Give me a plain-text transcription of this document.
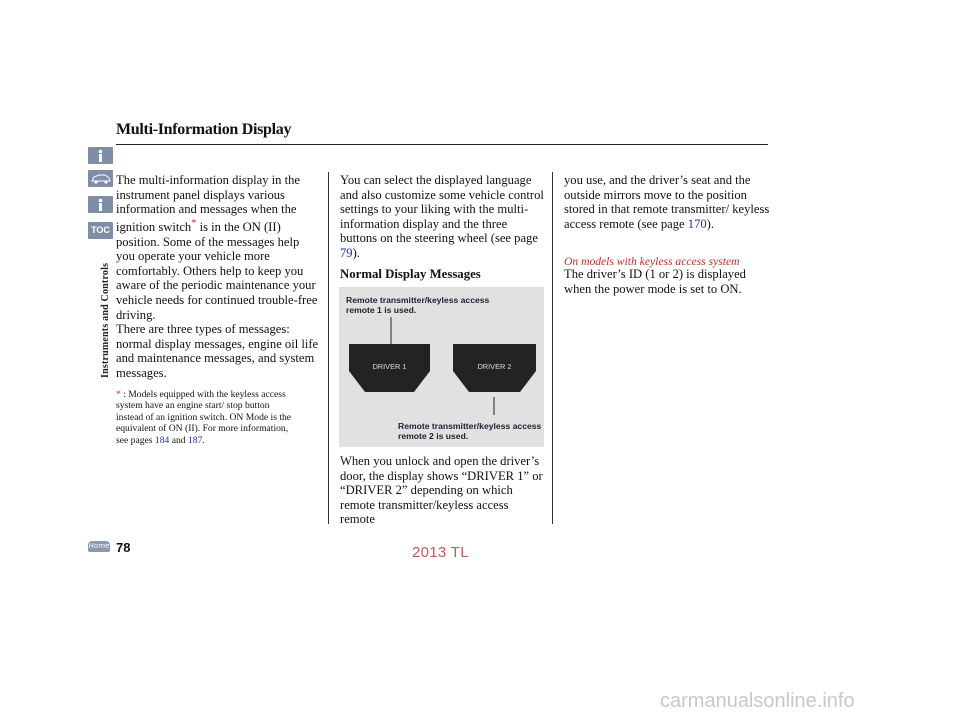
Multi-Information Display
TOC
Instruments and Controls
Home 78

The multi-information display in the instrument panel displays various information and messages when the ignition switch* is in the ON (II) position. Some of the messages help you operate your vehicle more comfortably. Others help to keep you aware of the periodic maintenance your vehicle needs for continued trouble-free driving.

There are three types of messages: normal display messages, engine oil life and maintenance messages, and system messages.
* : Models equipped with the keyless access system have an engine start/ stop button instead of an ignition switch. ON Mode is the equivalent of ON (II). For more information, see pages 184 and 187.
You can select the displayed language and also customize some vehicle control settings to your liking with the multi-information display and the three buttons on the steering wheel (see page 79).
Normal Display Messages
Remote transmitter/keyless access remote 1 is used.
DRIVER 1	DRIVER 2
Remote transmitter/keyless access remote 2 is used.
When you unlock and open the driver’s door, the display shows “DRIVER 1” or “DRIVER 2” depending on which remote transmitter/keyless access remote
you use, and the driver’s seat and the outside mirrors move to the position stored in that remote transmitter/ keyless access remote (see page 170).
On models with keyless access system
The driver’s ID (1 or 2) is displayed when the power mode is set to ON.
2013 TL
carmanualsonline.info
